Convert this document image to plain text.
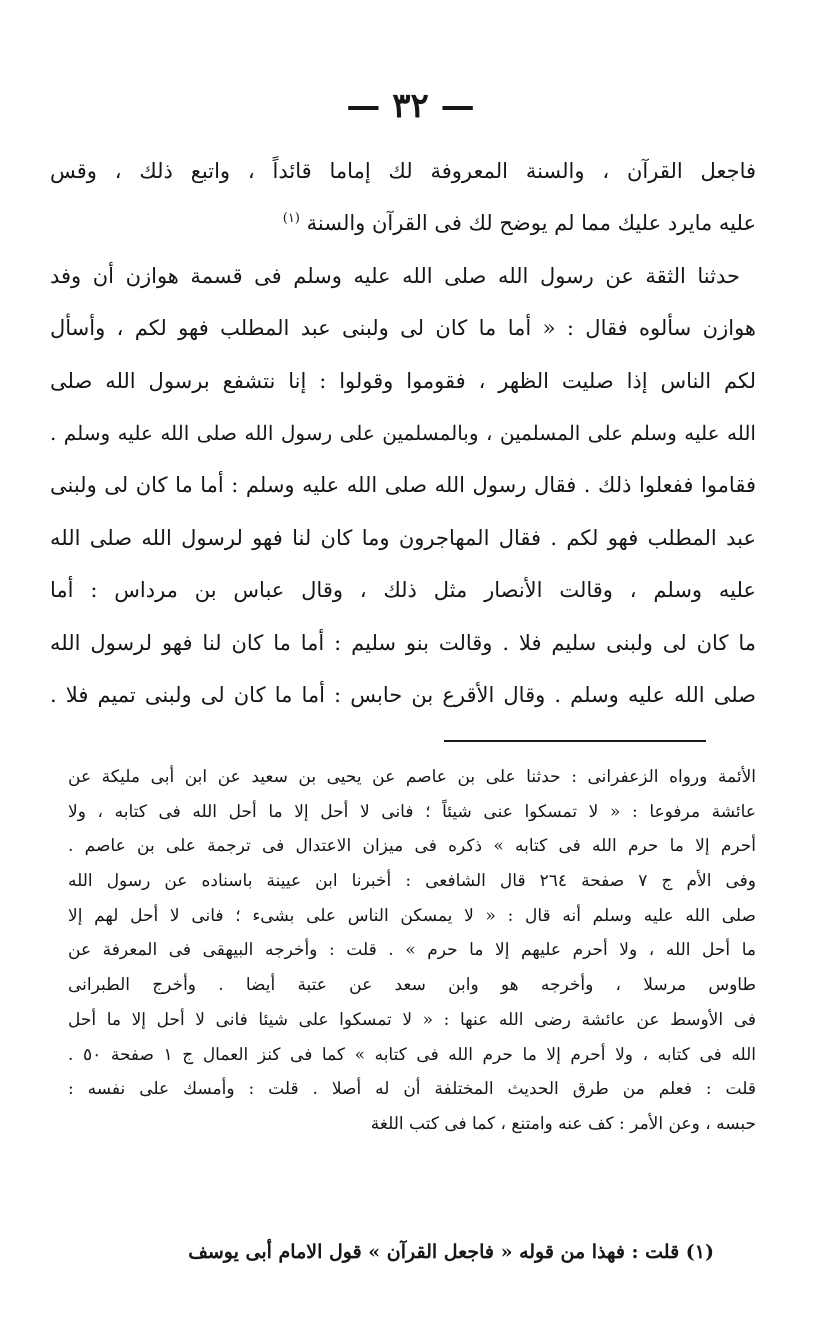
— ٣٢ —
فاجعل القرآن ، والسنة المعروفة لك إماما قائداً ، واتبع ذلك ، وقس
عليه مايرد عليك مما لم يوضح لك فى القرآن والسنة $^{(١)}$
حدثنا الثقة عن رسول الله صلى الله عليه وسلم فى قسمة هوازن أن وفد
هوازن سألوه فقال : « أما ما كان لى ولبنى عبد المطلب فهو لكم ، وأسأل
لكم الناس إذا صليت الظهر ، فقوموا وقولوا : إنا نتشفع برسول الله صلى
الله عليه وسلم على المسلمين ، وبالمسلمين على رسول الله صلى الله عليه وسلم .
فقاموا ففعلوا ذلك . فقال رسول الله صلى الله عليه وسلم : أما ما كان لى ولبنى
عبد المطلب فهو لكم . فقال المهاجرون وما كان لنا فهو لرسول الله صلى الله
عليه وسلم ، وقالت الأنصار مثل ذلك ، وقال عباس بن مرداس : أما
ما كان لى ولبنى سليم فلا . وقالت بنو سليم : أما ما كان لنا فهو لرسول الله
صلى الله عليه وسلم . وقال الأقرع بن حابس : أما ما كان لى ولبنى تميم فلا .
الأئمة ورواه الزعفرانى : حدثنا على بن عاصم عن يحيى بن سعيد عن ابن أبى مليكة عن
عائشة مرفوعا : « لا تمسكوا عنى شيئاً ؛ فانى لا أحل إلا ما أحل الله فى كتابه ، ولا
أحرم إلا ما حرم الله فى كتابه » ذكره فى ميزان الاعتدال فى ترجمة على بن عاصم .
وفى الأم ج ٧ صفحة ٢٦٤ قال الشافعى : أخبرنا ابن عيينة باسناده عن رسول الله
صلى الله عليه وسلم أنه قال : « لا يمسكن الناس على بشىء ؛ فانى لا أحل لهم إلا
ما أحل الله ، ولا أحرم عليهم إلا ما حرم » . قلت : وأخرجه البيهقى فى المعرفة عن
طاوس مرسلا ، وأخرجه هو وابن سعد عن عتبة أيضا . وأخرج الطبرانى
فى الأوسط عن عائشة رضى الله عنها : « لا تمسكوا على شيئا فانى لا أحل إلا ما أحل
الله فى كتابه ، ولا أحرم إلا ما حرم الله فى كتابه » كما فى كنز العمال ج ١ صفحة ٥٠ .
قلت : فعلم من طرق الحديث المختلفة أن له أصلا . قلت : وأمسك على نفسه :
حبسه ، وعن الأمر : كف عنه وامتنع ، كما فى كتب اللغة
(١) قلت : فهذا من قوله « فاجعل القرآن » قول الامام أبى يوسف
